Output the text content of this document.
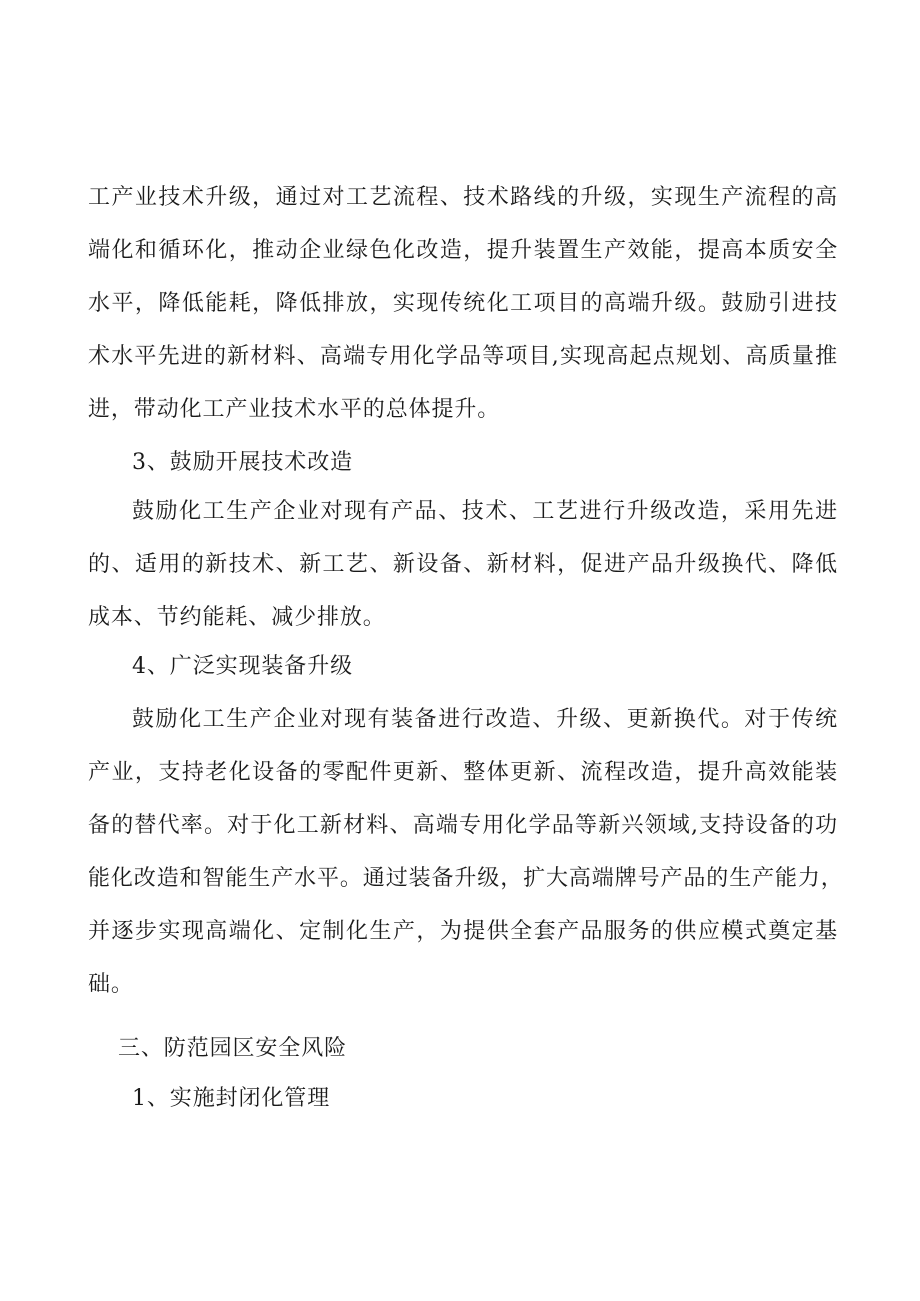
工产业技术升级，通过对工艺流程、技术路线的升级，实现生产流程的高
端化和循环化，推动企业绿色化改造，提升装置生产效能，提高本质安全
水平，降低能耗，降低排放，实现传统化工项目的高端升级。鼓励引进技
术水平先进的新材料、高端专用化学品等项目,实现高起点规划、高质量推
进，带动化工产业技术水平的总体提升。
3、鼓励开展技术改造
鼓励化工生产企业对现有产品、技术、工艺进行升级改造，采用先进
的、适用的新技术、新工艺、新设备、新材料，促进产品升级换代、降低
成本、节约能耗、减少排放。
4、广泛实现装备升级
鼓励化工生产企业对现有装备进行改造、升级、更新换代。对于传统
产业，支持老化设备的零配件更新、整体更新、流程改造，提升高效能装
备的替代率。对于化工新材料、高端专用化学品等新兴领域,支持设备的功
能化改造和智能生产水平。通过装备升级，扩大高端牌号产品的生产能力，
并逐步实现高端化、定制化生产，为提供全套产品服务的供应模式奠定基
础。
三、防范园区安全风险
1、实施封闭化管理
